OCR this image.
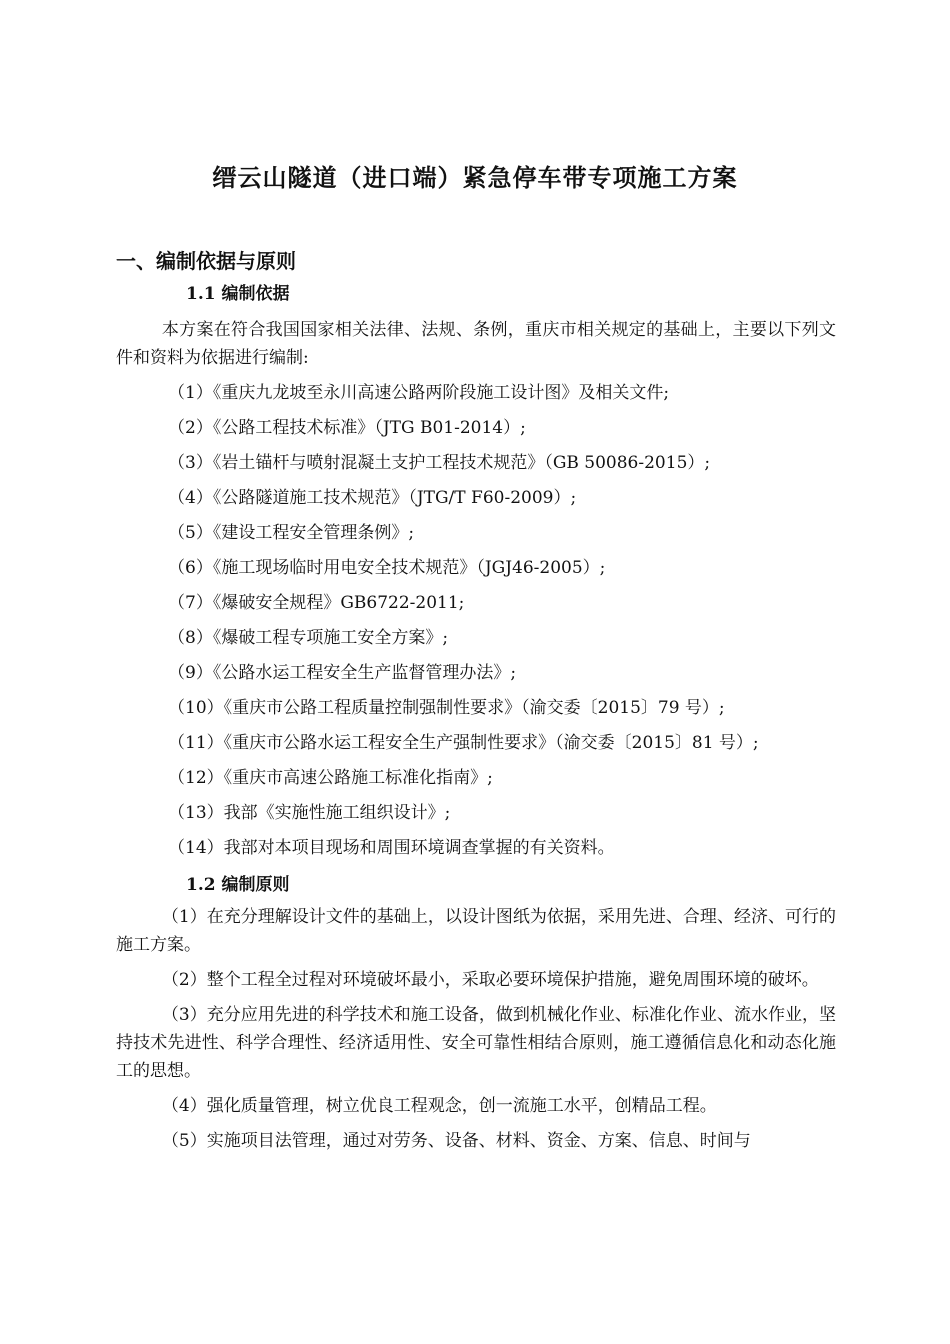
缙云山隧道（进口端）紧急停车带专项施工方案
一、编制依据与原则
1.1 编制依据
本方案在符合我国国家相关法律、法规、条例，重庆市相关规定的基础上，主要以下列文件和资料为依据进行编制:
（1）《重庆九龙坡至永川高速公路两阶段施工设计图》及相关文件;
（2）《公路工程技术标准》（JTG B01-2014）;
（3）《岩土锚杆与喷射混凝土支护工程技术规范》（GB 50086-2015）;
（4）《公路隧道施工技术规范》（JTG/T F60-2009）;
（5）《建设工程安全管理条例》;
（6）《施工现场临时用电安全技术规范》（JGJ46-2005）;
（7）《爆破安全规程》GB6722-2011;
（8）《爆破工程专项施工安全方案》;
（9）《公路水运工程安全生产监督管理办法》;
（10）《重庆市公路工程质量控制强制性要求》（渝交委〔2015〕79 号）;
（11）《重庆市公路水运工程安全生产强制性要求》（渝交委〔2015〕81 号）;
（12）《重庆市高速公路施工标准化指南》;
（13）我部《实施性施工组织设计》;
（14）我部对本项目现场和周围环境调查掌握的有关资料。
1.2 编制原则
（1）在充分理解设计文件的基础上，以设计图纸为依据，采用先进、合理、经济、可行的施工方案。
（2）整个工程全过程对环境破坏最小，采取必要环境保护措施，避免周围环境的破坏。
（3）充分应用先进的科学技术和施工设备，做到机械化作业、标准化作业、流水作业，坚持技术先进性、科学合理性、经济适用性、安全可靠性相结合原则，施工遵循信息化和动态化施工的思想。
（4）强化质量管理，树立优良工程观念，创一流施工水平，创精品工程。
（5）实施项目法管理，通过对劳务、设备、材料、资金、方案、信息、时间与
